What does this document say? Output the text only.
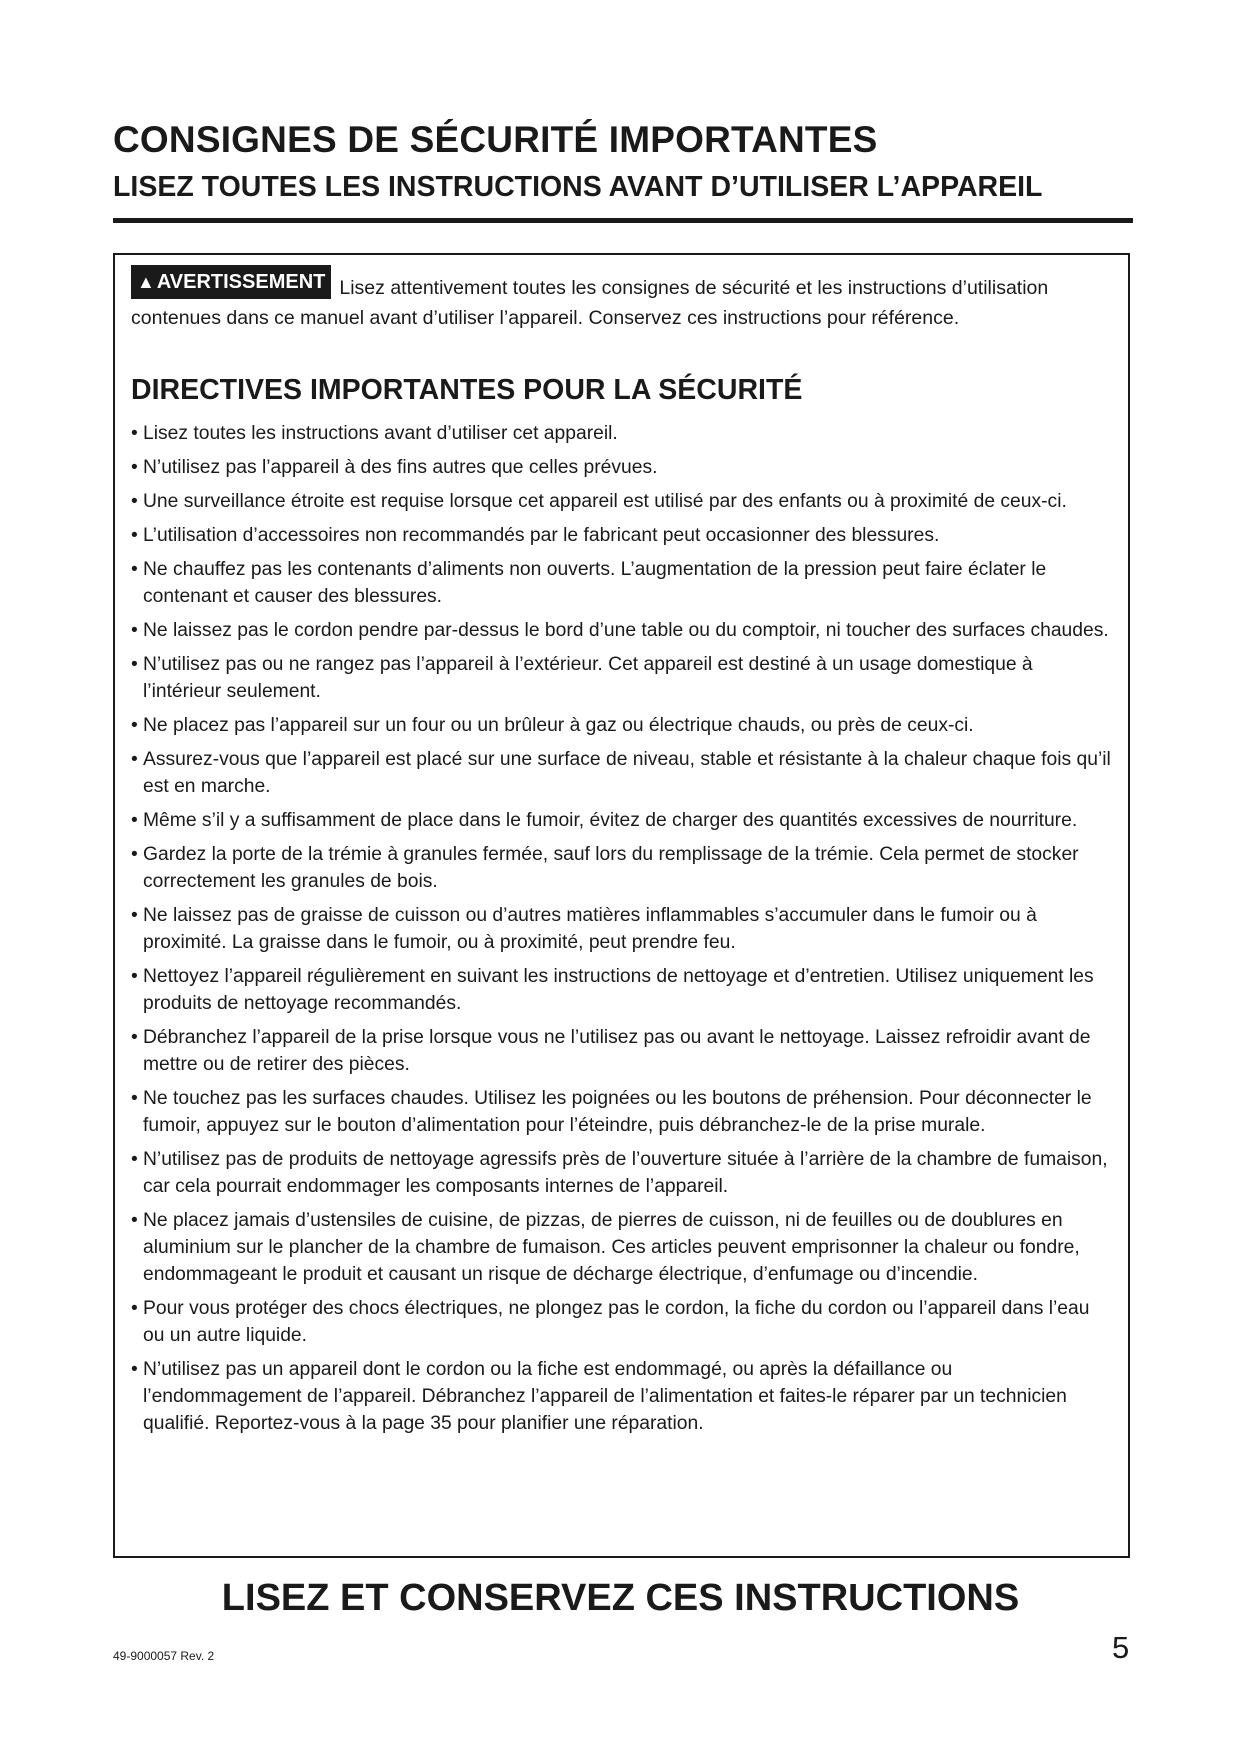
CONSIGNES DE SÉCURITÉ IMPORTANTES
LISEZ TOUTES LES INSTRUCTIONS AVANT D’UTILISER L’APPAREIL

▲ AVERTISSEMENT Lisez attentivement toutes les consignes de sécurité et les instructions d’utilisation contenues dans ce manuel avant d’utiliser l’appareil. Conservez ces instructions pour référence.

DIRECTIVES IMPORTANTES POUR LA SÉCURITÉ
• Lisez toutes les instructions avant d’utiliser cet appareil.
• N’utilisez pas l’appareil à des fins autres que celles prévues.
• Une surveillance étroite est requise lorsque cet appareil est utilisé par des enfants ou à proximité de ceux-ci.
• L’utilisation d’accessoires non recommandés par le fabricant peut occasionner des blessures.
• Ne chauffez pas les contenants d’aliments non ouverts. L’augmentation de la pression peut faire éclater le contenant et causer des blessures.
• Ne laissez pas le cordon pendre par-dessus le bord d’une table ou du comptoir, ni toucher des surfaces chaudes.
• N’utilisez pas ou ne rangez pas l’appareil à l’extérieur. Cet appareil est destiné à un usage domestique à l’intérieur seulement.
• Ne placez pas l’appareil sur un four ou un brûleur à gaz ou électrique chauds, ou près de ceux-ci.
• Assurez-vous que l’appareil est placé sur une surface de niveau, stable et résistante à la chaleur chaque fois qu’il est en marche.
• Même s’il y a suffisamment de place dans le fumoir, évitez de charger des quantités excessives de nourriture.
• Gardez la porte de la trémie à granules fermée, sauf lors du remplissage de la trémie. Cela permet de stocker correctement les granules de bois.
• Ne laissez pas de graisse de cuisson ou d’autres matières inflammables s’accumuler dans le fumoir ou à proximité. La graisse dans le fumoir, ou à proximité, peut prendre feu.
• Nettoyez l’appareil régulièrement en suivant les instructions de nettoyage et d’entretien. Utilisez uniquement les produits de nettoyage recommandés.
• Débranchez l’appareil de la prise lorsque vous ne l’utilisez pas ou avant le nettoyage. Laissez refroidir avant de mettre ou de retirer des pièces.
• Ne touchez pas les surfaces chaudes. Utilisez les poignées ou les boutons de préhension. Pour déconnecter le fumoir, appuyez sur le bouton d’alimentation pour l’éteindre, puis débranchez-le de la prise murale.
• N’utilisez pas de produits de nettoyage agressifs près de l’ouverture située à l’arrière de la chambre de fumaison, car cela pourrait endommager les composants internes de l’appareil.
• Ne placez jamais d’ustensiles de cuisine, de pizzas, de pierres de cuisson, ni de feuilles ou de doublures en aluminium sur le plancher de la chambre de fumaison. Ces articles peuvent emprisonner la chaleur ou fondre, endommageant le produit et causant un risque de décharge électrique, d’enfumage ou d’incendie.
• Pour vous protéger des chocs électriques, ne plongez pas le cordon, la fiche du cordon ou l’appareil dans l’eau ou un autre liquide.
• N’utilisez pas un appareil dont le cordon ou la fiche est endommagé, ou après la défaillance ou l’endommagement de l’appareil. Débranchez l’appareil de l’alimentation et faites-le réparer par un technicien qualifié. Reportez-vous à la page 35 pour planifier une réparation.
LISEZ ET CONSERVEZ CES INSTRUCTIONS
49-9000057 Rev. 2	5
